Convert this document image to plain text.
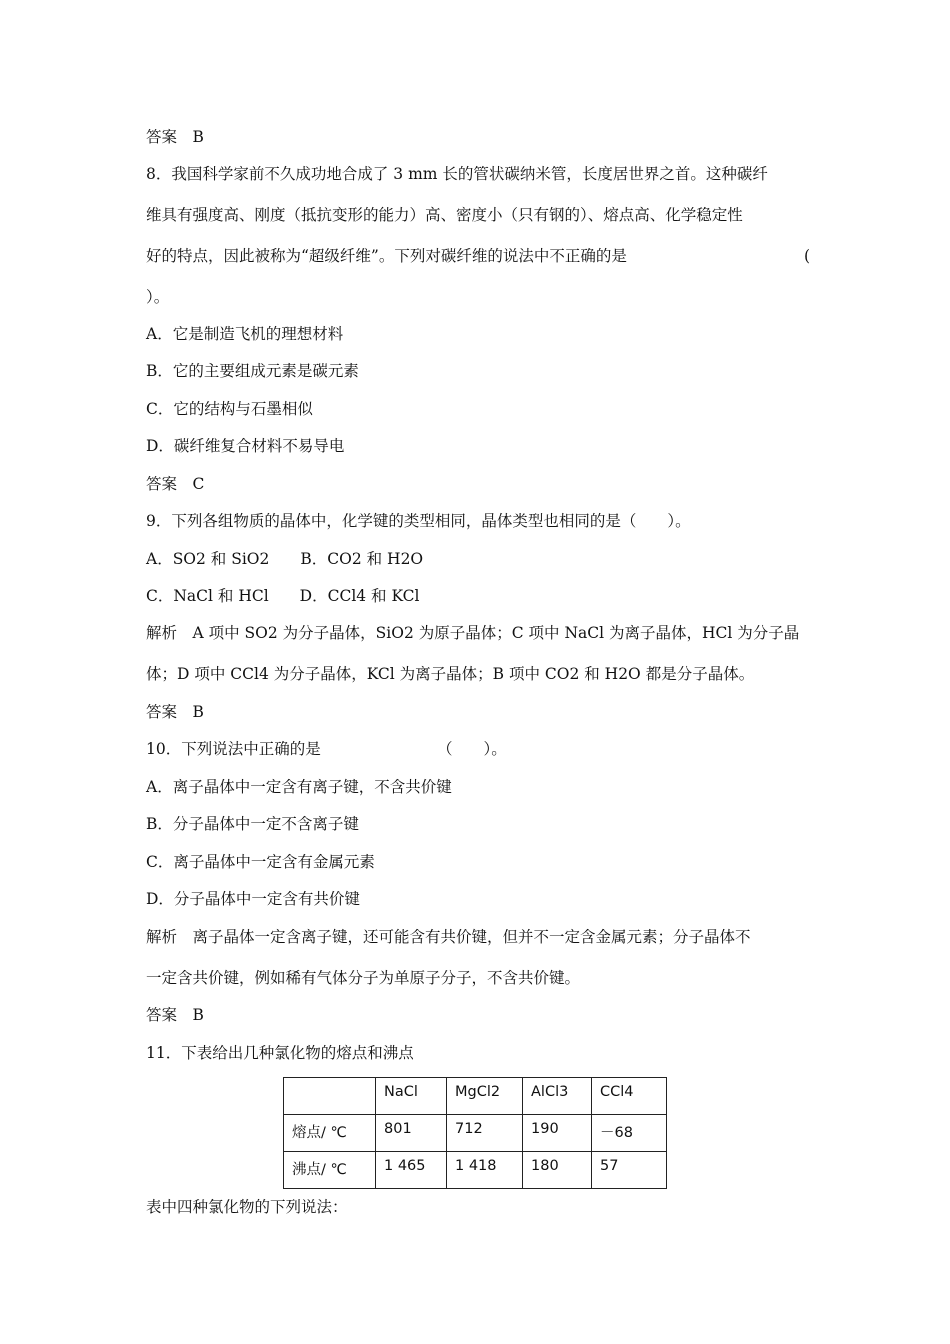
答案　B
8．我国科学家前不久成功地合成了 3 mm 长的管状碳纳米管，长度居世界之首。这种碳纤
维具有强度高、刚度（抵抗变形的能力）高、密度小（只有钢的）、熔点高、化学稳定性
好的特点，因此被称为“超级纤维”。下列对碳纤维的说法中不正确的是	(
）。
A．它是制造飞机的理想材料
B．它的主要组成元素是碳元素
C．它的结构与石墨相似
D．碳纤维复合材料不易导电
答案　C
9．下列各组物质的晶体中，化学键的类型相同，晶体类型也相同的是（　　）。
A．SO2 和 SiO2　　B．CO2 和 H2O
C．NaCl 和 HCl　　D．CCl4 和 KCl
解析　A 项中 SO2 为分子晶体，SiO2 为原子晶体；C 项中 NaCl 为离子晶体，HCl 为分子晶
体；D 项中 CCl4 为分子晶体，KCl 为离子晶体；B 项中 CO2 和 H2O 都是分子晶体。
答案　B
10．下列说法中正确的是　　　　　　　　（　　）。
A．离子晶体中一定含有离子键，不含共价键
B．分子晶体中一定不含离子键
C．离子晶体中一定含有金属元素
D．分子晶体中一定含有共价键
解析　离子晶体一定含离子键，还可能含有共价键，但并不一定含金属元素；分子晶体不
一定含共价键，例如稀有气体分子为单原子分子，不含共价键。
答案　B
11．下表给出几种氯化物的熔点和沸点
	NaCl	MgCl2	AlCl3	CCl4
熔点/ ℃	801	712	190	－68
沸点/ ℃	1 465	1 418	180	57
表中四种氯化物的下列说法：
